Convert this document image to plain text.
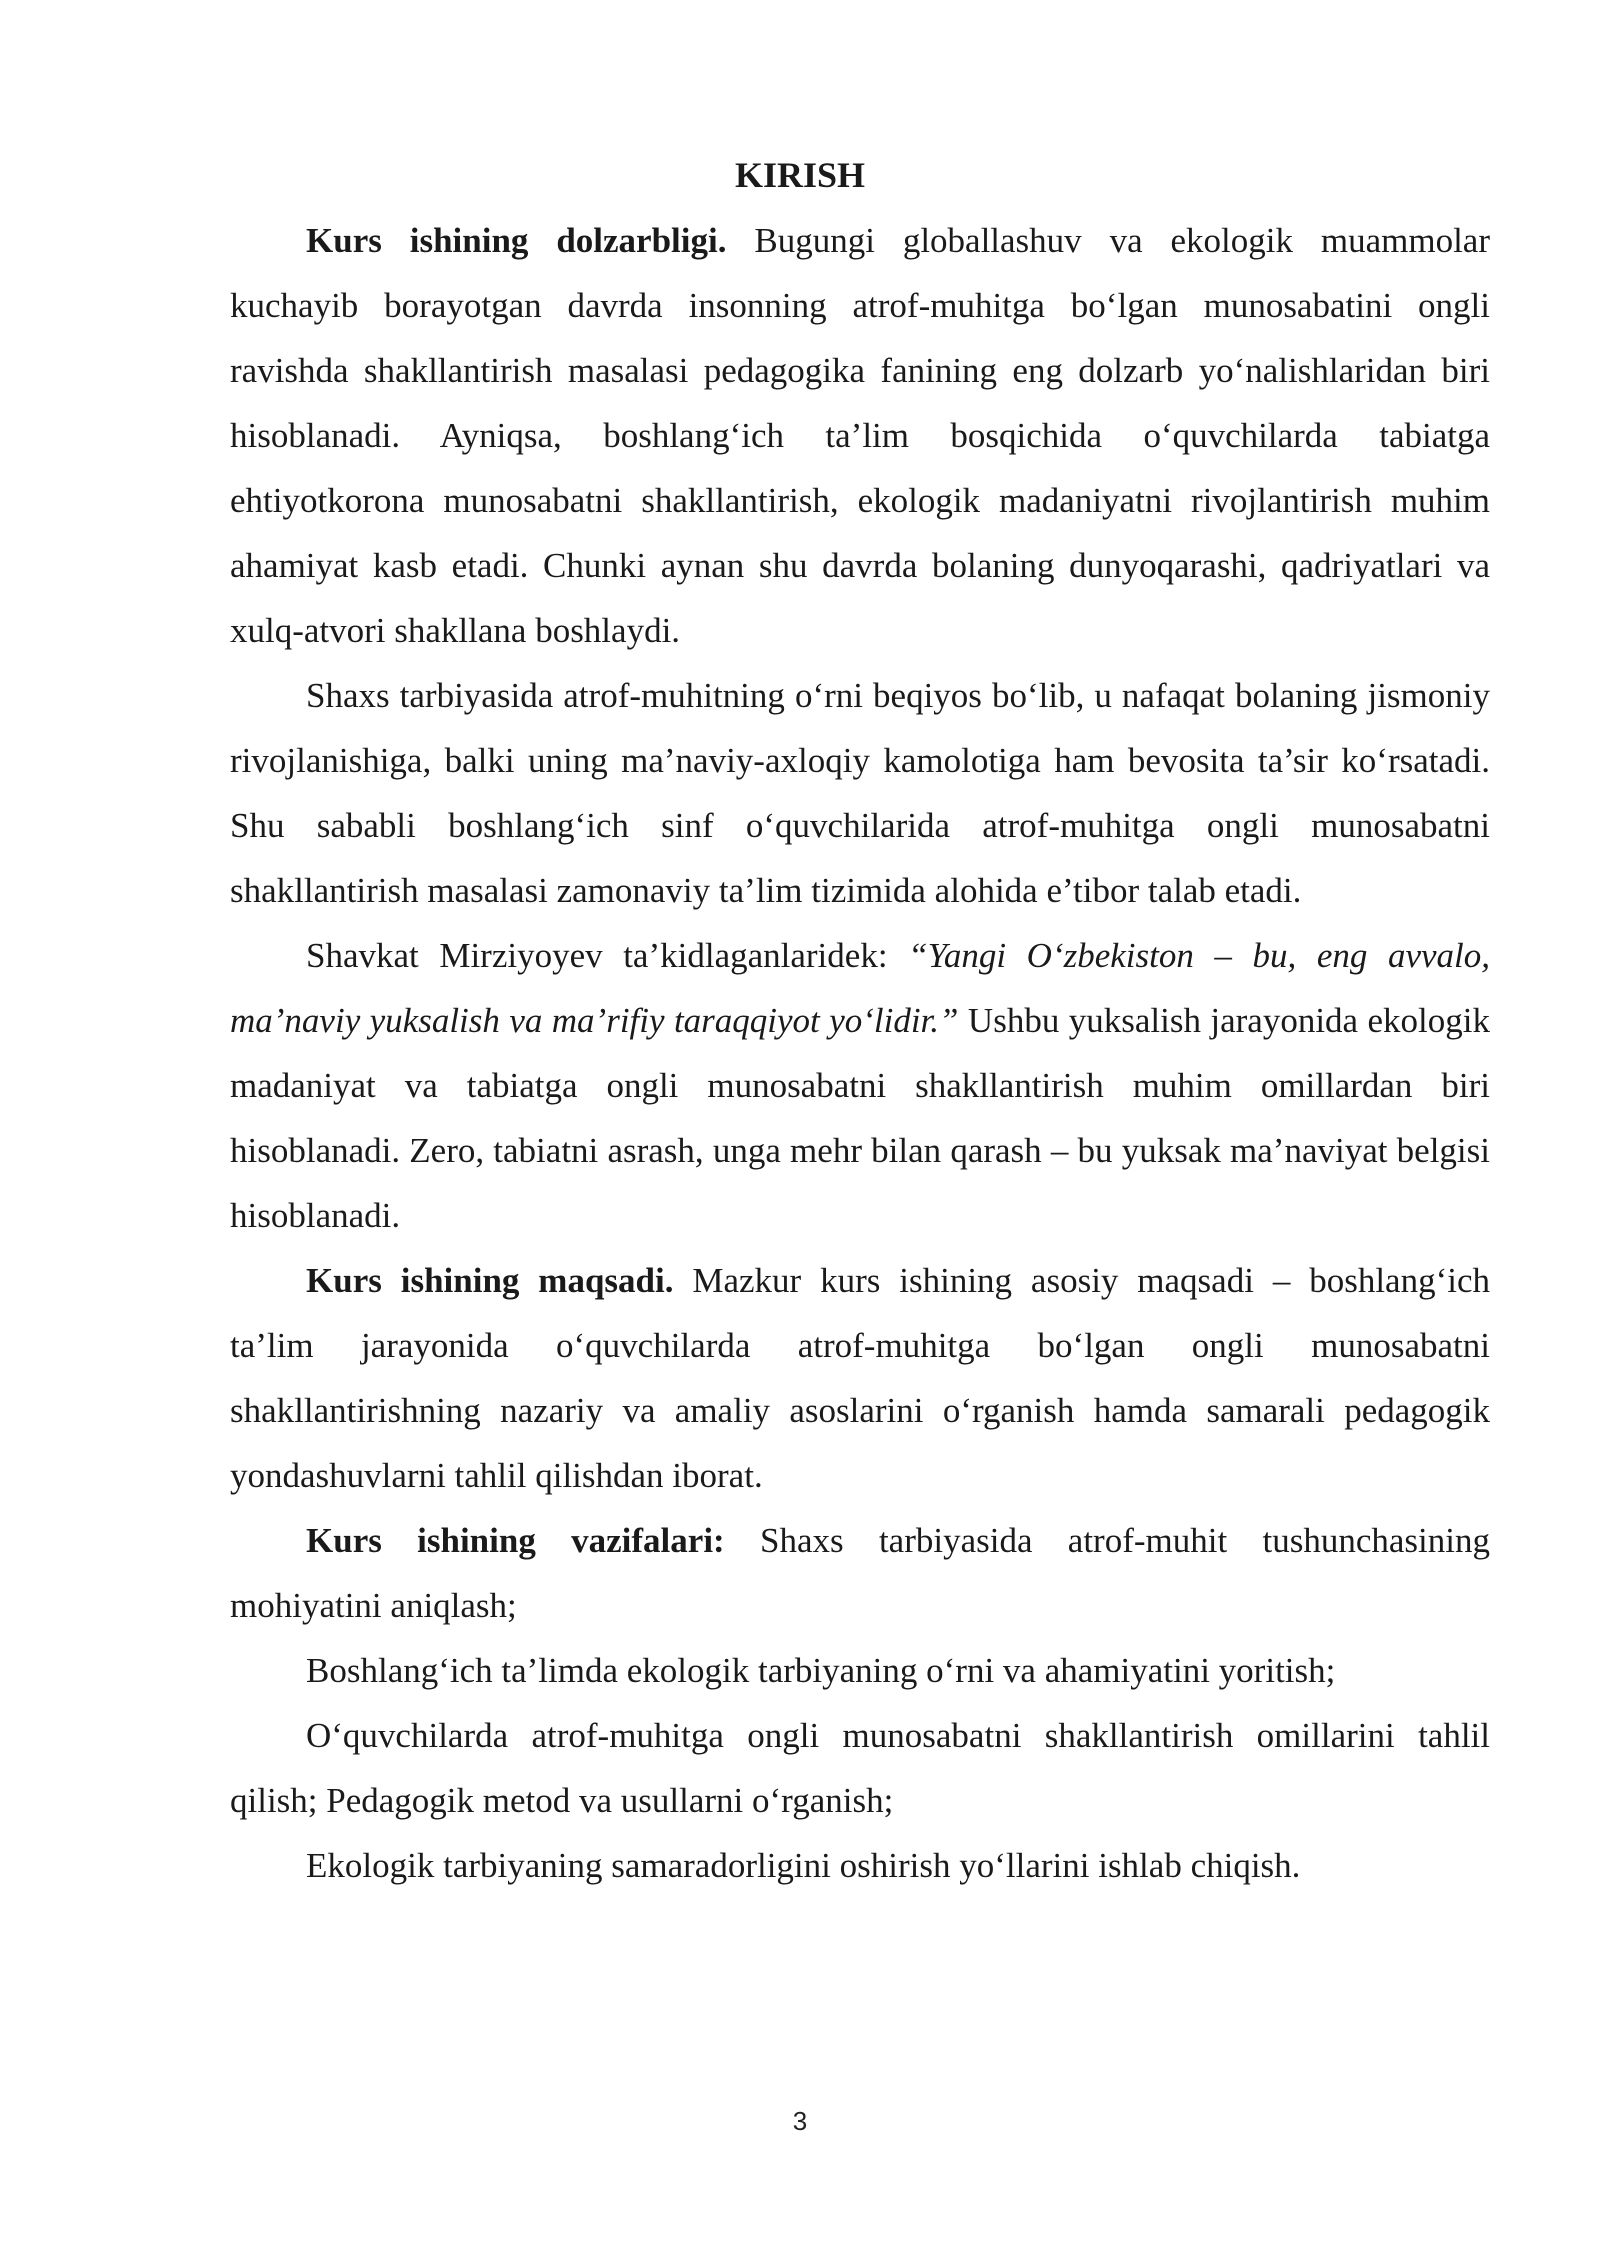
KIRISH

Kurs ishining dolzarbligi. Bugungi globallashuv va ekologik muammolar kuchayib borayotgan davrda insonning atrof-muhitga bo‘lgan munosabatini ongli ravishda shakllantirish masalasi pedagogika fanining eng dolzarb yo‘nalishlaridan biri hisoblanadi. Ayniqsa, boshlang‘ich ta’lim bosqichida o‘quvchilarda tabiatga ehtiyotkorona munosabatni shakllantirish, ekologik madaniyatni rivojlantirish muhim ahamiyat kasb etadi. Chunki aynan shu davrda bolaning dunyoqarashi, qadriyatlari va xulq-atvori shakllana boshlaydi.

Shaxs tarbiyasida atrof-muhitning o‘rni beqiyos bo‘lib, u nafaqat bolaning jismoniy rivojlanishiga, balki uning ma’naviy-axloqiy kamolotiga ham bevosita ta’sir ko‘rsatadi. Shu sababli boshlang‘ich sinf o‘quvchilarida atrof-muhitga ongli munosabatni shakllantirish masalasi zamonaviy ta’lim tizimida alohida e’tibor talab etadi.

Shavkat Mirziyoyev ta’kidlaganlaridek: “Yangi O‘zbekiston – bu, eng avvalo, ma’naviy yuksalish va ma’rifiy taraqqiyot yo‘lidir.” Ushbu yuksalish jarayonida ekologik madaniyat va tabiatga ongli munosabatni shakllantirish muhim omillardan biri hisoblanadi. Zero, tabiatni asrash, unga mehr bilan qarash – bu yuksak ma’naviyat belgisi hisoblanadi.

Kurs ishining maqsadi. Mazkur kurs ishining asosiy maqsadi – boshlang‘ich ta’lim jarayonida o‘quvchilarda atrof-muhitga bo‘lgan ongli munosabatni shakllantirishning nazariy va amaliy asoslarini o‘rganish hamda samarali pedagogik yondashuvlarni tahlil qilishdan iborat.

Kurs ishining vazifalari: Shaxs tarbiyasida atrof-muhit tushunchasining mohiyatini aniqlash;

Boshlang‘ich ta’limda ekologik tarbiyaning o‘rni va ahamiyatini yoritish;

O‘quvchilarda atrof-muhitga ongli munosabatni shakllantirish omillarini tahlil qilish; Pedagogik metod va usullarni o‘rganish;

Ekologik tarbiyaning samaradorligini oshirish yo‘llarini ishlab chiqish.

3
